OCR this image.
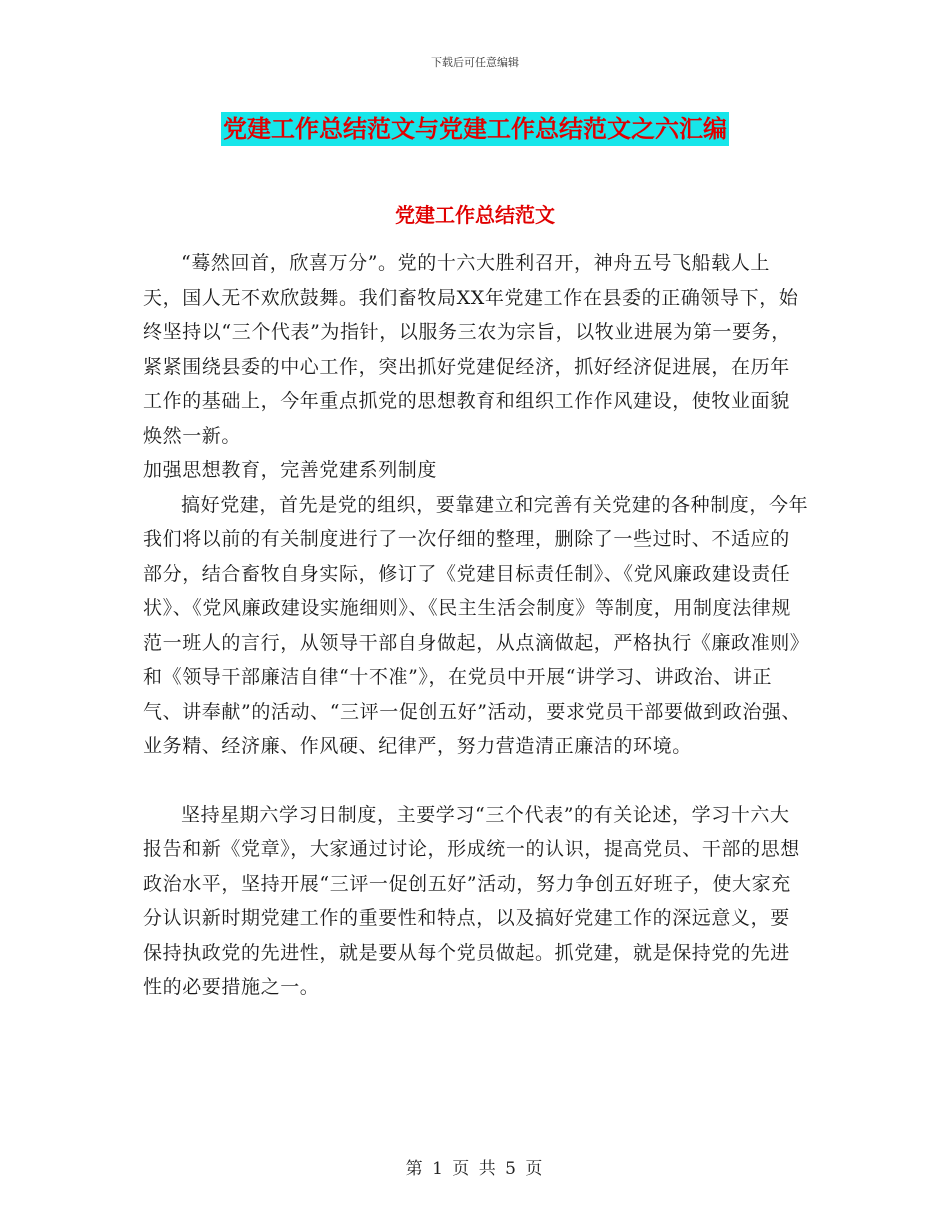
下载后可任意编辑
党建工作总结范文与党建工作总结范文之六汇编
党建工作总结范文

“蓦然回首，欣喜万分”。党的十六大胜利召开，神舟五号飞船载人上天，国人无不欢欣鼓舞。我们畜牧局XX年党建工作在县委的正确领导下，始终坚持以“三个代表”为指针，以服务三农为宗旨，以牧业进展为第一要务，紧紧围绕县委的中心工作，突出抓好党建促经济，抓好经济促进展，在历年工作的基础上，今年重点抓党的思想教育和组织工作作风建设，使牧业面貌焕然一新。

加强思想教育，完善党建系列制度

搞好党建，首先是党的组织，要靠建立和完善有关党建的各种制度，今年我们将以前的有关制度进行了一次仔细的整理，删除了一些过时、不适应的部分，结合畜牧自身实际，修订了《党建目标责任制》、《党风廉政建设责任状》、《党风廉政建设实施细则》、《民主生活会制度》等制度，用制度法律规范一班人的言行，从领导干部自身做起，从点滴做起，严格执行《廉政准则》和《领导干部廉洁自律“十不准”》，在党员中开展“讲学习、讲政治、讲正气、讲奉献”的活动、“三评一促创五好”活动，要求党员干部要做到政治强、业务精、经济廉、作风硬、纪律严，努力营造清正廉洁的环境。

坚持星期六学习日制度，主要学习“三个代表”的有关论述，学习十六大报告和新《党章》，大家通过讨论，形成统一的认识，提高党员、干部的思想政治水平，坚持开展“三评一促创五好”活动，努力争创五好班子，使大家充分认识新时期党建工作的重要性和特点，以及搞好党建工作的深远意义，要保持执政党的先进性，就是要从每个党员做起。抓党建，就是保持党的先进性的必要措施之一。

第 1 页 共 5 页
